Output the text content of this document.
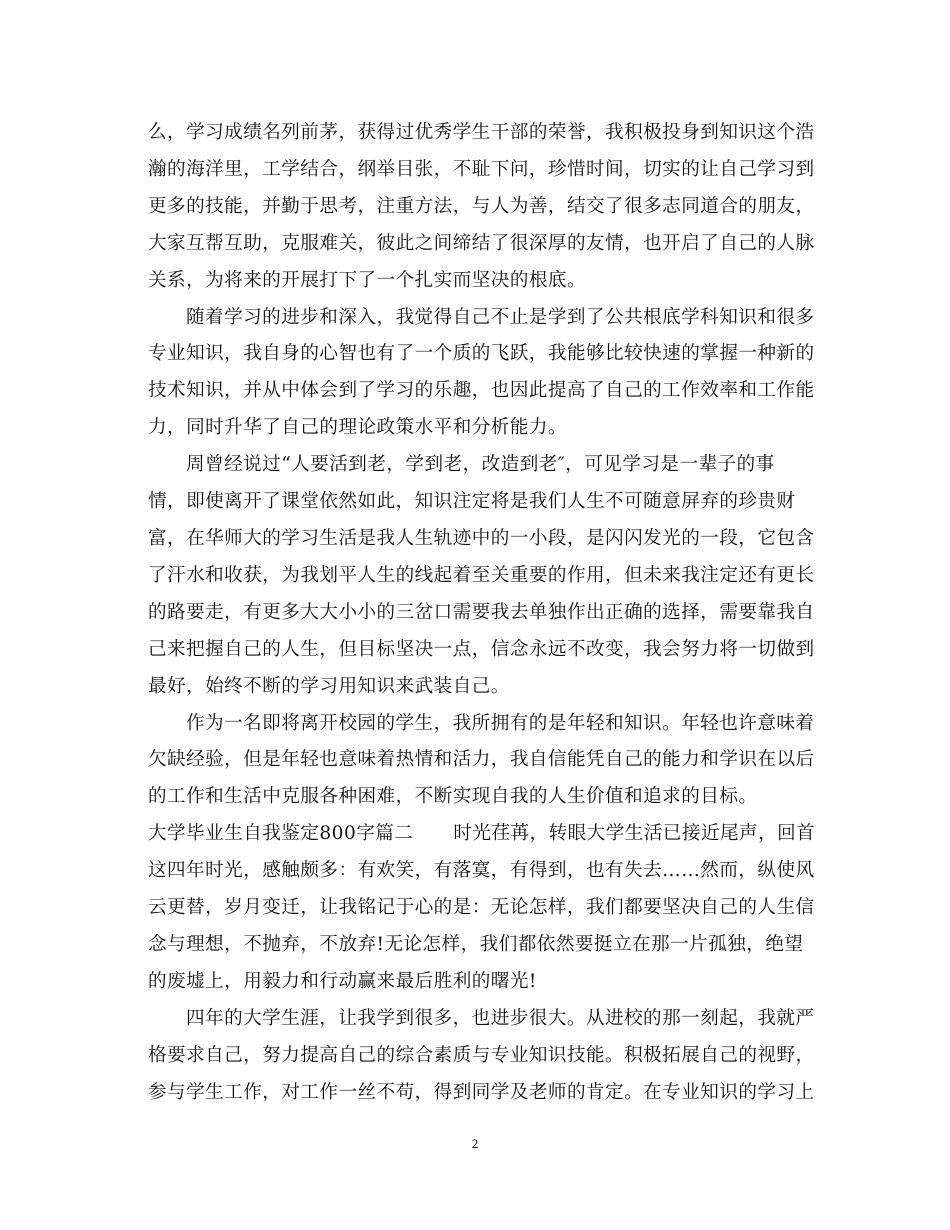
么，学习成绩名列前茅，获得过优秀学生干部的荣誉，我积极投身到知识这个浩
瀚的海洋里，工学结合，纲举目张，不耻下问，珍惜时间，切实的让自己学习到
更多的技能，并勤于思考，注重方法，与人为善，结交了很多志同道合的朋友，
大家互帮互助，克服难关，彼此之间缔结了很深厚的友情，也开启了自己的人脉
关系，为将来的开展打下了一个扎实而坚决的根底。

随着学习的进步和深入，我觉得自己不止是学到了公共根底学科知识和很多
专业知识，我自身的心智也有了一个质的飞跃，我能够比较快速的掌握一种新的
技术知识，并从中体会到了学习的乐趣，也因此提高了自己的工作效率和工作能
力，同时升华了自己的理论政策水平和分析能力。

周曾经说过“人要活到老，学到老，改造到老″，可见学习是一辈子的事
情，即使离开了课堂依然如此，知识注定将是我们人生不可随意屏弃的珍贵财
富，在华师大的学习生活是我人生轨迹中的一小段，是闪闪发光的一段，它包含
了汗水和收获，为我划平人生的线起着至关重要的作用，但未来我注定还有更长
的路要走，有更多大大小小的三岔口需要我去单独作出正确的选择，需要靠我自
己来把握自己的人生，但目标坚决一点，信念永远不改变，我会努力将一切做到
最好，始终不断的学习用知识来武装自己。

作为一名即将离开校园的学生，我所拥有的是年轻和知识。年轻也许意味着
欠缺经验，但是年轻也意味着热情和活力，我自信能凭自己的能力和学识在以后
的工作和生活中克服各种困难，不断实现自我的人生价值和追求的目标。

大学毕业生自我鉴定800字篇二 时光荏苒，转眼大学生活已接近尾声，回首
这四年时光，感触颇多：有欢笑，有落寞，有得到，也有失去……然而，纵使风
云更替，岁月变迁，让我铭记于心的是：无论怎样，我们都要坚决自己的人生信
念与理想，不抛弃，不放弃!无论怎样，我们都依然要挺立在那一片孤独，绝望
的废墟上，用毅力和行动赢来最后胜利的曙光!

四年的大学生涯，让我学到很多，也进步很大。从进校的那一刻起，我就严
格要求自己，努力提高自己的综合素质与专业知识技能。积极拓展自己的视野，
参与学生工作，对工作一丝不苟，得到同学及老师的肯定。在专业知识的学习上

2
